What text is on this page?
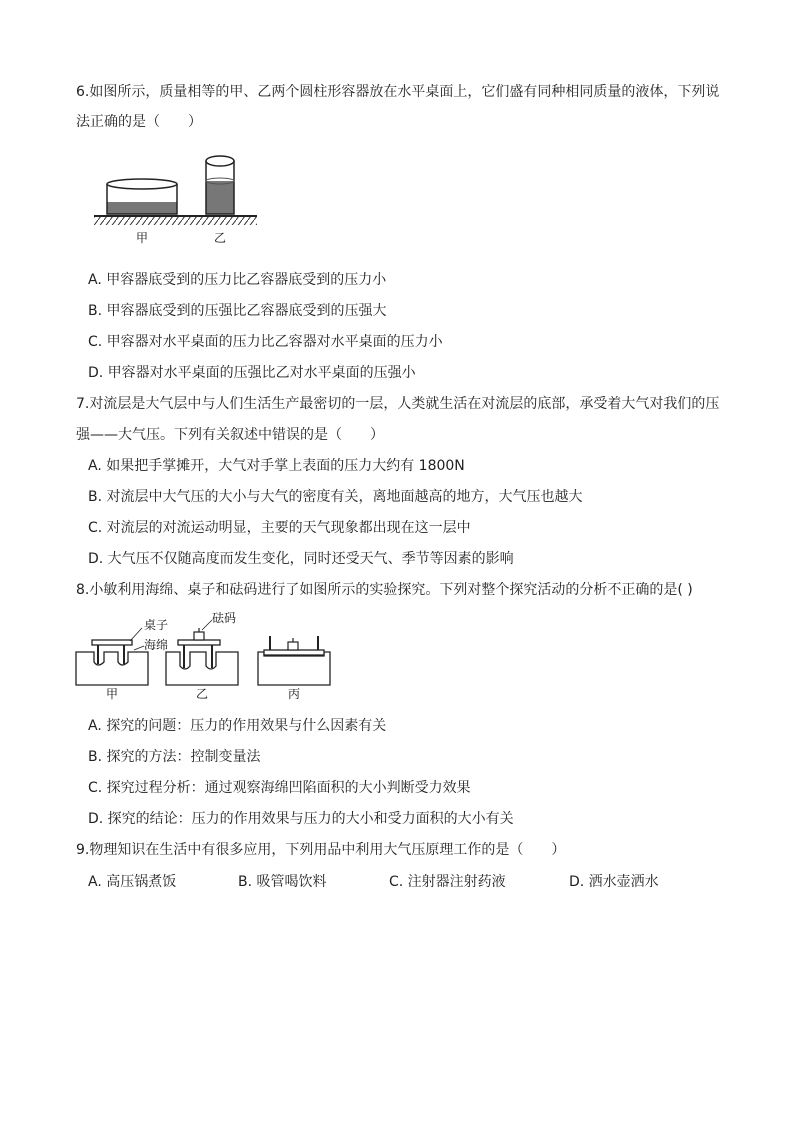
6.如图所示，质量相等的甲、乙两个圆柱形容器放在水平桌面上，它们盛有同种相同质量的液体，下列说
法正确的是（　　）
甲	乙
A. 甲容器底受到的压力比乙容器底受到的压力小
B. 甲容器底受到的压强比乙容器底受到的压强大
C. 甲容器对水平桌面的压力比乙容器对水平桌面的压力小
D. 甲容器对水平桌面的压强比乙对水平桌面的压强小
7.对流层是大气层中与人们生活生产最密切的一层，人类就生活在对流层的底部，承受着大气对我们的压
强——大气压。下列有关叙述中错误的是（　　）
A. 如果把手掌摊开，大气对手掌上表面的压力大约有 1800N
B. 对流层中大气压的大小与大气的密度有关，离地面越高的地方，大气压也越大
C. 对流层的对流运动明显，主要的天气现象都出现在这一层中
D. 大气压不仅随高度而发生变化，同时还受天气、季节等因素的影响
8.小敏利用海绵、桌子和砝码进行了如图所示的实验探究。下列对整个探究活动的分析不正确的是( )
桌子
海绵
甲
砝码
乙	丙
A. 探究的问题：压力的作用效果与什么因素有关
B. 探究的方法：控制变量法
C. 探究过程分析：通过观察海绵凹陷面积的大小判断受力效果
D. 探究的结论：压力的作用效果与压力的大小和受力面积的大小有关
9.物理知识在生活中有很多应用，下列用品中利用大气压原理工作的是（　　）
A. 高压锅煮饭	B. 吸管喝饮料	C. 注射器注射药液	D. 洒水壶洒水
